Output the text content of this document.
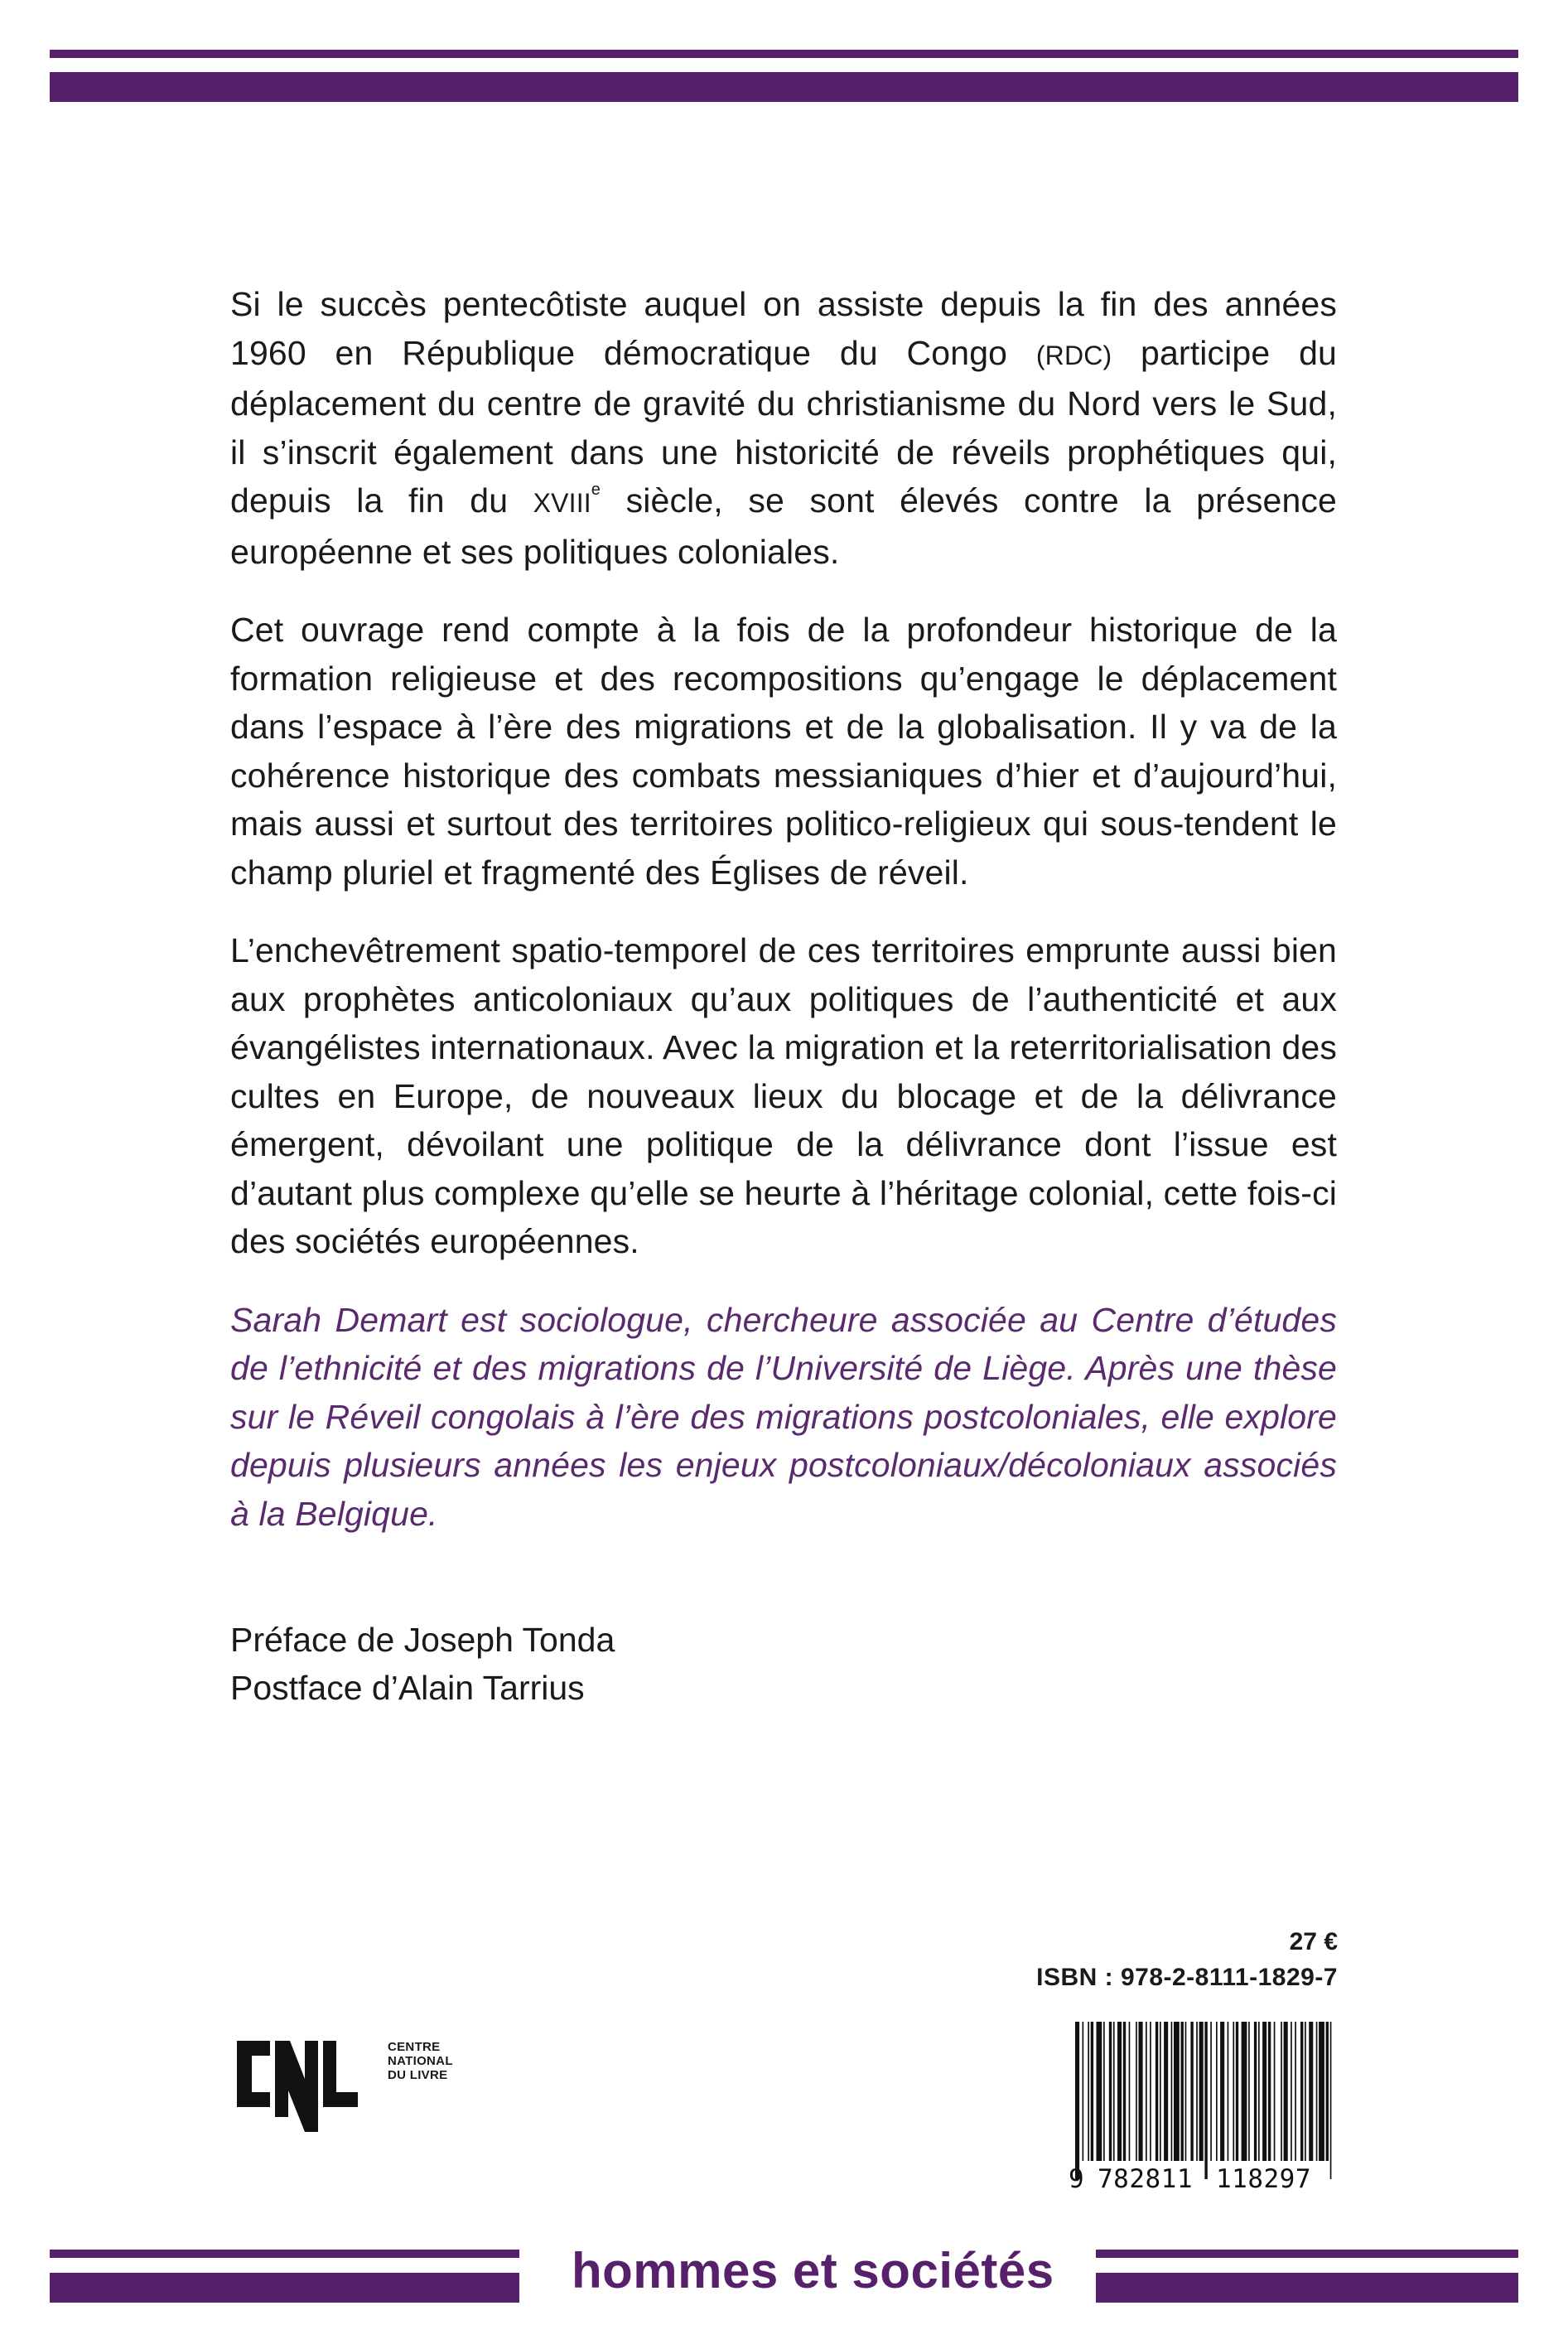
Si le succès pentecôtiste auquel on assiste depuis la fin des années 1960 en République démocratique du Congo (RDC) participe du déplacement du centre de gravité du christianisme du Nord vers le Sud, il s’inscrit également dans une historicité de réveils prophétiques qui, depuis la fin du XVIIIe siècle, se sont élevés contre la présence européenne et ses politiques coloniales.

Cet ouvrage rend compte à la fois de la profondeur historique de la formation religieuse et des recompositions qu’engage le déplacement dans l’espace à l’ère des migrations et de la globalisation. Il y va de la cohérence historique des combats messianiques d’hier et d’aujourd’hui, mais aussi et surtout des territoires politico-religieux qui sous-tendent le champ pluriel et fragmenté des Églises de réveil.

L’enchevêtrement spatio-temporel de ces territoires emprunte aussi bien aux prophètes anticoloniaux qu’aux politiques de l’authenticité et aux évangélistes internationaux. Avec la migration et la reterritorialisation des cultes en Europe, de nouveaux lieux du blocage et de la délivrance émergent, dévoilant une politique de la délivrance dont l’issue est d’autant plus complexe qu’elle se heurte à l’héritage colonial, cette fois-ci des sociétés européennes.

Sarah Demart est sociologue, chercheure associée au Centre d’études de l’ethnicité et des migrations de l’Université de Liège. Après une thèse sur le Réveil congolais à l’ère des migrations postcoloniales, elle explore depuis plusieurs années les enjeux postcoloniaux/décoloniaux associés à la Belgique.

Préface de Joseph Tonda
Postface d’Alain Tarrius
27 €
ISBN : 978-2-8111-1829-7
9 782811 118297
CENTRE
NATIONAL
DU LIVRE
hommes et sociétés
